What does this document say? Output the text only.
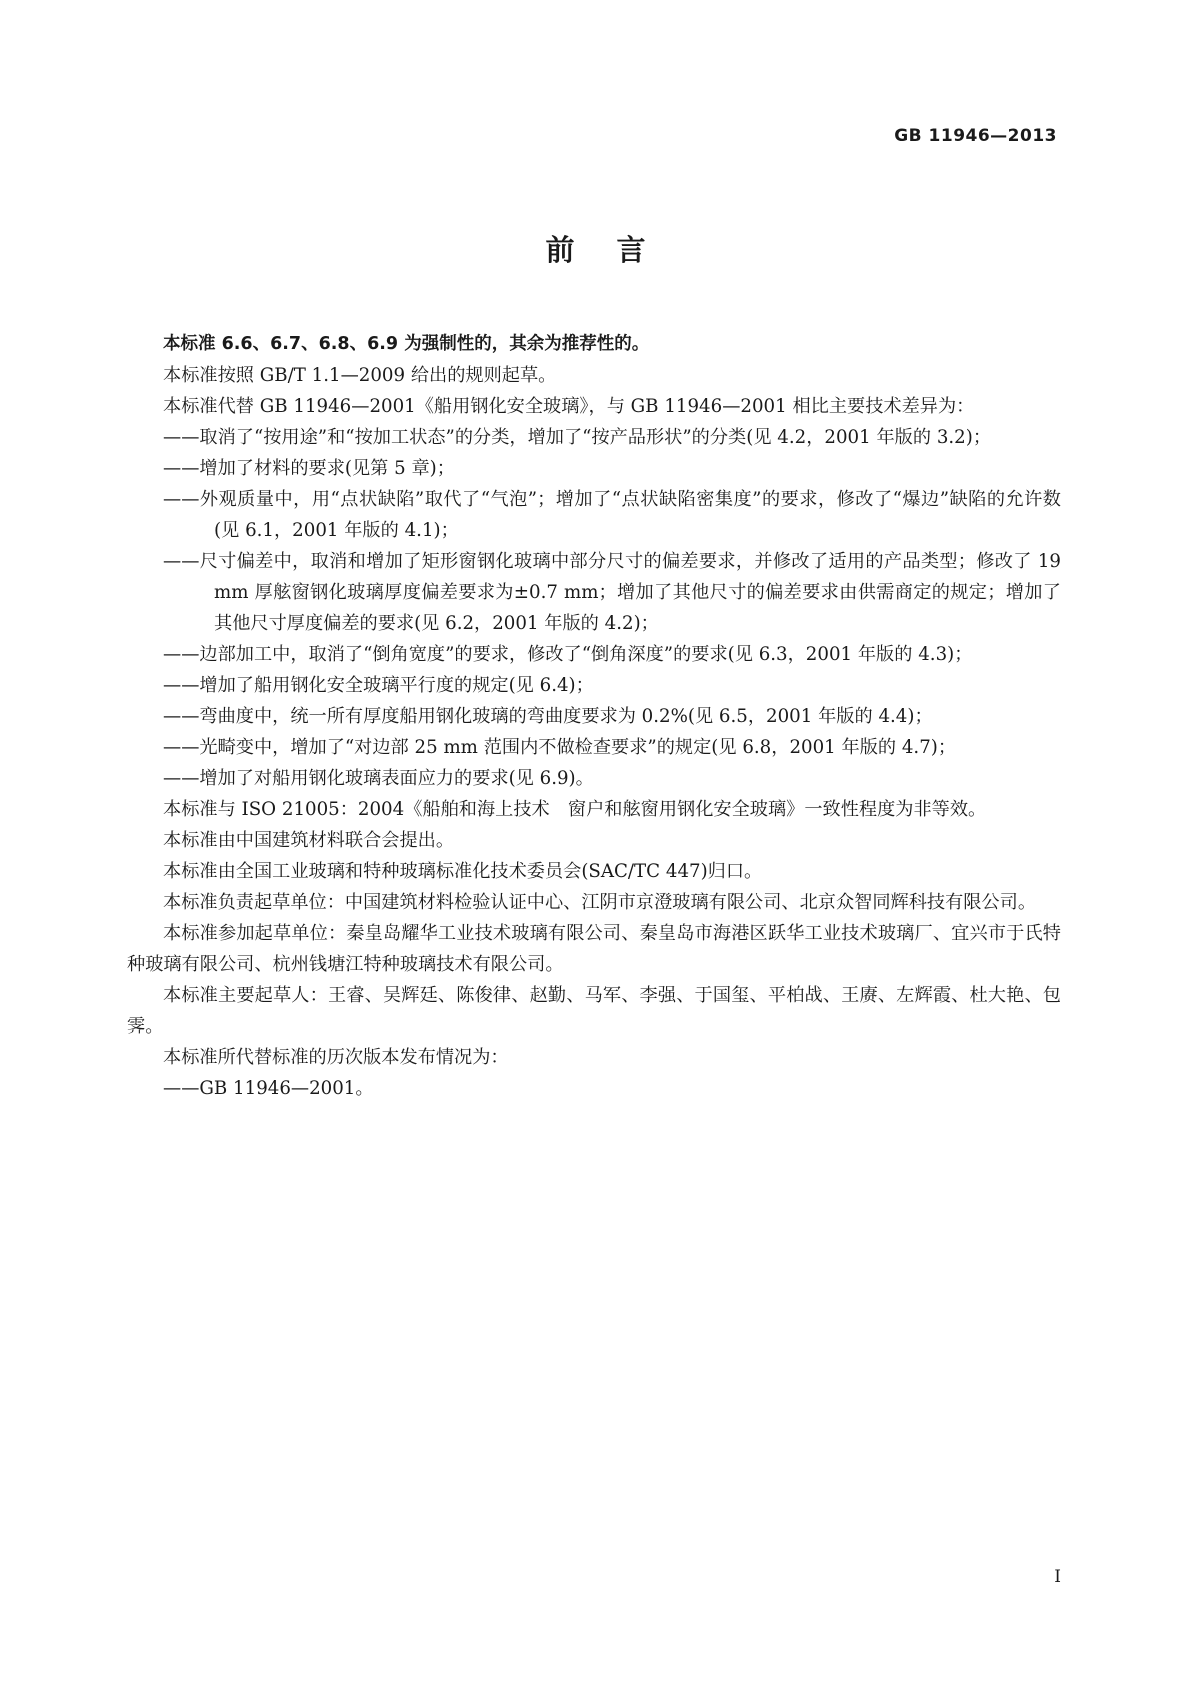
GB 11946—2013
前言

本标准 6.6、6.7、6.8、6.9 为强制性的，其余为推荐性的。

本标准按照 GB/T 1.1—2009 给出的规则起草。

本标准代替 GB 11946—2001《船用钢化安全玻璃》，与 GB 11946—2001 相比主要技术差异为：

——取消了“按用途”和“按加工状态”的分类，增加了“按产品形状”的分类(见 4.2，2001 年版的 3.2)；

——增加了材料的要求(见第 5 章)；

——外观质量中，用“点状缺陷”取代了“气泡”；增加了“点状缺陷密集度”的要求，修改了“爆边”缺陷的允许数(见 6.1，2001 年版的 4.1)；

——尺寸偏差中，取消和增加了矩形窗钢化玻璃中部分尺寸的偏差要求，并修改了适用的产品类型；修改了 19 mm 厚舷窗钢化玻璃厚度偏差要求为±0.7 mm；增加了其他尺寸的偏差要求由供需商定的规定；增加了其他尺寸厚度偏差的要求(见 6.2，2001 年版的 4.2)；

——边部加工中，取消了“倒角宽度”的要求，修改了“倒角深度”的要求(见 6.3，2001 年版的 4.3)；

——增加了船用钢化安全玻璃平行度的规定(见 6.4)；

——弯曲度中，统一所有厚度船用钢化玻璃的弯曲度要求为 0.2%(见 6.5，2001 年版的 4.4)；

——光畸变中，增加了“对边部 25 mm 范围内不做检查要求”的规定(见 6.8，2001 年版的 4.7)；

——增加了对船用钢化玻璃表面应力的要求(见 6.9)。

本标准与 ISO 21005：2004《船舶和海上技术　窗户和舷窗用钢化安全玻璃》一致性程度为非等效。

本标准由中国建筑材料联合会提出。

本标准由全国工业玻璃和特种玻璃标准化技术委员会(SAC/TC 447)归口。

本标准负责起草单位：中国建筑材料检验认证中心、江阴市京澄玻璃有限公司、北京众智同辉科技有限公司。

本标准参加起草单位：秦皇岛耀华工业技术玻璃有限公司、秦皇岛市海港区跃华工业技术玻璃厂、宜兴市于氏特种玻璃有限公司、杭州钱塘江特种玻璃技术有限公司。

本标准主要起草人：王睿、吴辉廷、陈俊律、赵勤、马军、李强、于国玺、平柏战、王赓、左辉霞、杜大艳、包霁。

本标准所代替标准的历次版本发布情况为：

——GB 11946—2001。

I
